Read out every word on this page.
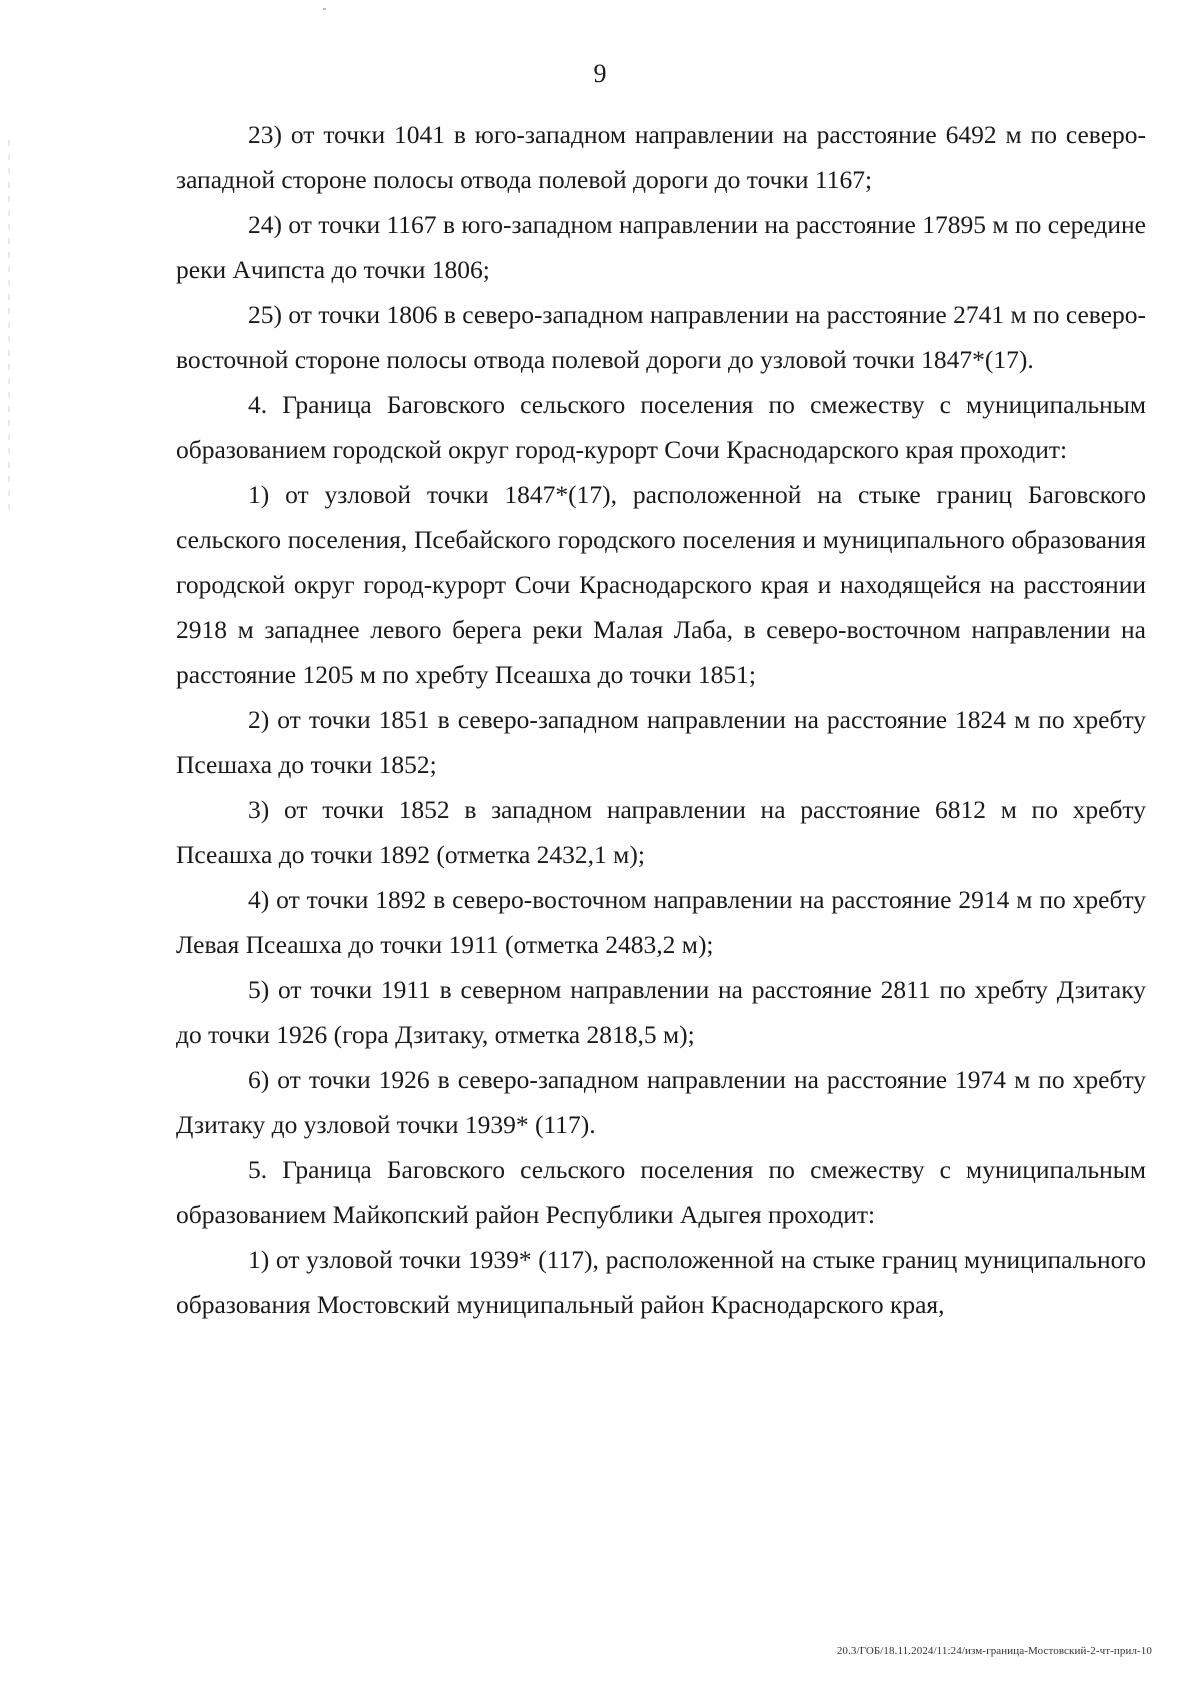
9

23) от точки 1041 в юго-западном направлении на расстояние 6492 м по северо-западной стороне полосы отвода полевой дороги до точки 1167;

24) от точки 1167 в юго-западном направлении на расстояние 17895 м по середине реки Ачипста до точки 1806;

25) от точки 1806 в северо-западном направлении на расстояние 2741 м по северо-восточной стороне полосы отвода полевой дороги до узловой точки 1847*(17).

4. Граница Баговского сельского поселения по смежеству с муниципальным образованием городской округ город-курорт Сочи Краснодарского края проходит:

1) от узловой точки 1847*(17), расположенной на стыке границ Баговского сельского поселения, Псебайского городского поселения и муниципального образования городской округ город-курорт Сочи Краснодарского края и находящейся на расстоянии 2918 м западнее левого берега реки Малая Лаба, в северо-восточном направлении на расстояние 1205 м по хребту Псеашха до точки 1851;

2) от точки 1851 в северо-западном направлении на расстояние 1824 м по хребту Псешаха до точки 1852;

3) от точки 1852 в западном направлении на расстояние 6812 м по хребту Псеашха до точки 1892 (отметка 2432,1 м);

4) от точки 1892 в северо-восточном направлении на расстояние 2914 м по хребту Левая Псеашха до точки 1911 (отметка 2483,2 м);

5) от точки 1911 в северном направлении на расстояние 2811 по хребту Дзитаку до точки 1926 (гора Дзитаку, отметка 2818,5 м);

6) от точки 1926 в северо-западном направлении на расстояние 1974 м по хребту Дзитаку до узловой точки 1939* (117).

5. Граница Баговского сельского поселения по смежеству с муниципальным образованием Майкопский район Республики Адыгея проходит:

1) от узловой точки 1939* (117), расположенной на стыке границ муниципального образования Мостовский муниципальный район Краснодарского края,

20.3/ГОБ/18.11.2024/11:24/изм-граница-Мостовский-2-чт-прил-10
